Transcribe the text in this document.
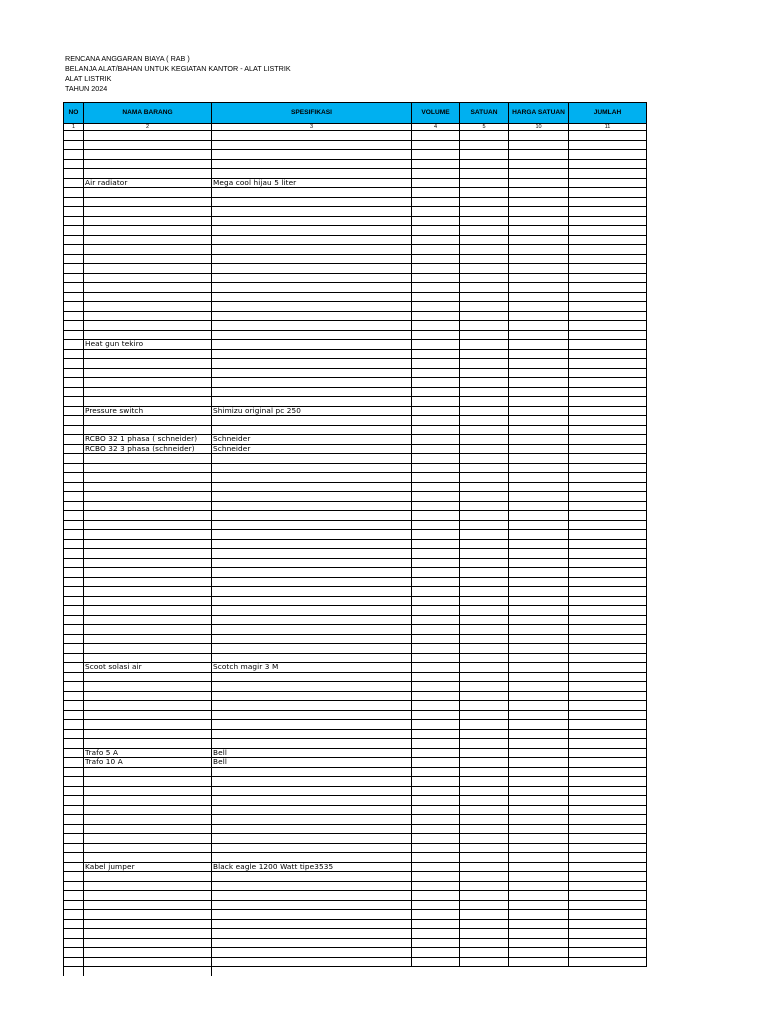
RENCANA ANGGARAN BIAYA ( RAB )
BELANJA ALAT/BAHAN UNTUK KEGIATAN KANTOR - ALAT LISTRIK
ALAT LISTRIK
TAHUN 2024
NO	NAMA BARANG	SPESIFIKASI	VOLUME	SATUAN	HARGA SATUAN	JUMLAH
1	2	3	4	5	10	11

	Air radiator	Mega cool hijau 5 liter				

	Heat gun tekiro					

	Pressure switch	Shimizu original pc 250				

	RCBO 32 1 phasa ( schneider)	Schneider				
	RCBO 32 3 phasa (schneider)	Schneider				

	Scoot solasi air	Scotch magir 3 M				

	Trafo 5 A	Bell				
	Trafo 10 A	Bell				

	Kabel jumper	Black eagle 1200 Watt tipe3535				
